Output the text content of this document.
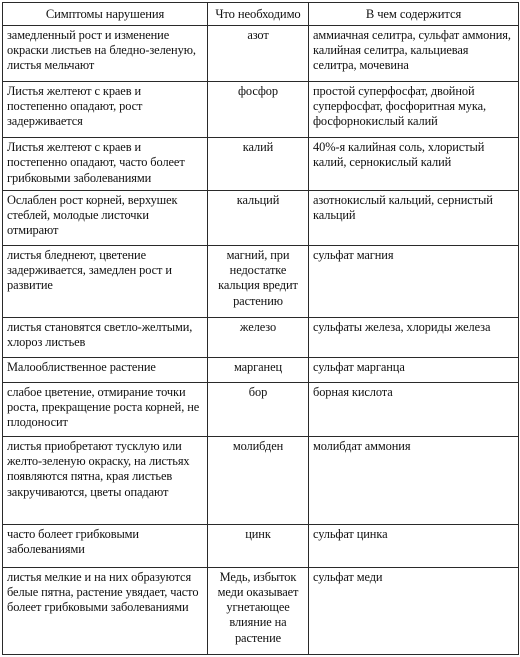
Симптомы нарушения	Что необходимо	В чем содержится
замедленный рост и изменение окраски листьев на бледно-зеленую, листья мельчают	азот	аммиачная селитра, сульфат аммония, калийная селитра, кальциевая селитра, мочевина
Листья желтеют с краев и постепенно опадают, рост задерживается	фосфор	простой суперфосфат, двойной суперфосфат, фосфоритная мука, фосфорнокислый калий
Листья желтеют с краев и постепенно опадают, часто болеет грибковыми заболеваниями	калий	40%-я калийная соль, хлористый калий, сернокислый калий
Ослаблен рост корней, верхушек стеблей, молодые листочки отмирают	кальций	азотнокислый кальций, сернистый кальций
листья бледнеют, цветение задерживается, замедлен рост и развитие	магний, при недостатке кальция вредит растению	сульфат магния
листья становятся светло-желтыми, хлороз листьев	железо	сульфаты железа, хлориды железа
Малооблиственное растение	марганец	сульфат марганца
слабое цветение, отмирание точки роста, прекращение роста корней, не плодоносит	бор	борная кислота
листья приобретают тусклую или желто-зеленую окраску, на листьях появляются пятна, края листьев закручиваются, цветы опадают	молибден	молибдат аммония
часто болеет грибковыми заболеваниями	цинк	сульфат цинка
листья мелкие и на них образуются белые пятна, растение увядает, часто болеет грибковыми заболеваниями	Медь, избыток меди оказывает угнетающее влияние на растение	сульфат меди
